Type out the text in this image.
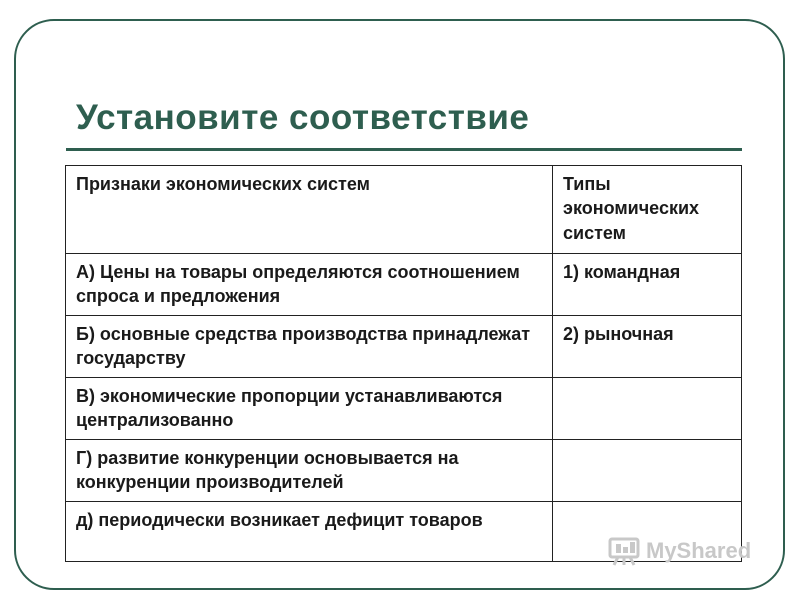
Установите соответствие
Признаки экономических систем	Типы экономических систем
А) Цены на товары определяются соотношением спроса и предложения	1) командная
Б) основные средства производства принадлежат государству	2) рыночная
В) экономические пропорции устанавливаются централизованно	
Г) развитие конкуренции основывается на конкуренции производителей	
д) периодически возникает дефицит товаров	
MyShared
